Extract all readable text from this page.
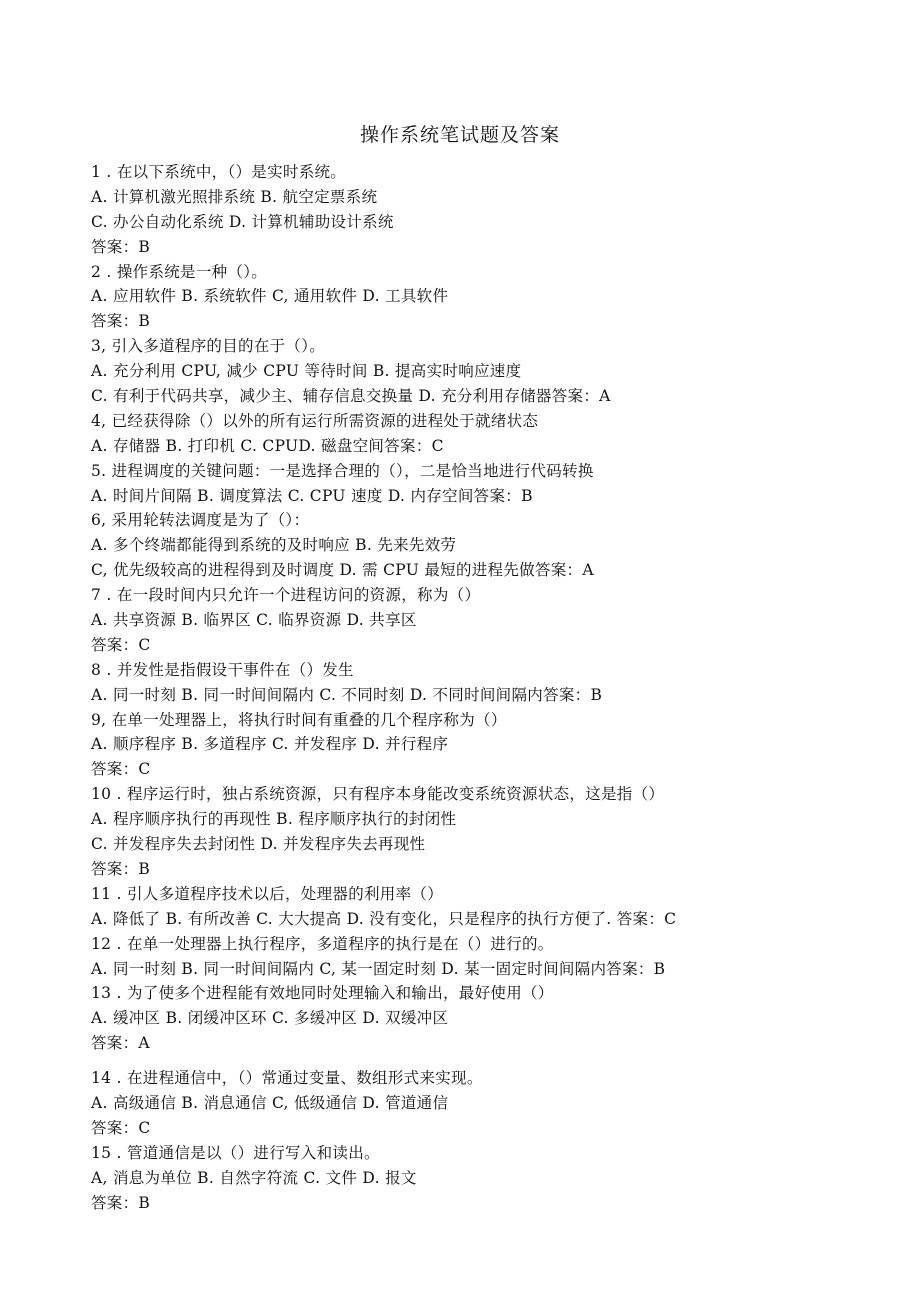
操作系统笔试题及答案
1 . 在以下系统中，（）是实时系统。
A. 计算机激光照排系统 B. 航空定票系统
C. 办公自动化系统 D. 计算机辅助设计系统
答案：B
2 . 操作系统是一种（）。
A. 应用软件 B. 系统软件 C, 通用软件 D. 工具软件
答案：B
3, 引入多道程序的目的在于（）。
A. 充分利用 CPU, 减少 CPU 等待时间 B. 提高实时响应速度
C. 有利于代码共享，减少主、辅存信息交换量 D. 充分利用存储器答案：A
4, 已经获得除（）以外的所有运行所需资源的进程处于就绪状态
A. 存储器 B. 打印机 C. CPUD. 磁盘空间答案：C
5. 进程调度的关键问题：一是选择合理的（），二是恰当地进行代码转换
A. 时间片间隔 B. 调度算法 C. CPU 速度 D. 内存空间答案：B
6, 采用轮转法调度是为了（）：
A. 多个终端都能得到系统的及时响应 B. 先来先效劳
C, 优先级较高的进程得到及时调度 D. 需 CPU 最短的进程先做答案：A
7 . 在一段时间内只允许一个进程访问的资源，称为（）
A. 共享资源 B. 临界区 C. 临界资源 D. 共享区
答案：C
8 . 并发性是指假设干事件在（）发生
A. 同一时刻 B. 同一时间间隔内 C. 不同时刻 D. 不同时间间隔内答案：B
9, 在单一处理器上，将执行时间有重叠的几个程序称为（）
A. 顺序程序 B. 多道程序 C. 并发程序 D. 并行程序
答案：C
10 . 程序运行时，独占系统资源，只有程序本身能改变系统资源状态，这是指（）
A. 程序顺序执行的再现性 B. 程序顺序执行的封闭性
C. 并发程序失去封闭性 D. 并发程序失去再现性
答案：B
11 . 引人多道程序技术以后，处理器的利用率（）
A. 降低了 B. 有所改善 C. 大大提高 D. 没有变化，只是程序的执行方便了. 答案：C
12 . 在单一处理器上执行程序，多道程序的执行是在（）进行的。
A. 同一时刻 B. 同一时间间隔内 C, 某一固定时刻 D. 某一固定时间间隔内答案：B
13 . 为了使多个进程能有效地同时处理输入和输出，最好使用（）
A. 缓冲区 B. 闭缓冲区环 C. 多缓冲区 D. 双缓冲区
答案：A
14 . 在进程通信中，（）常通过变量、数组形式来实现。
A. 高级通信 B. 消息通信 C, 低级通信 D. 管道通信
答案：C
15 . 管道通信是以（）进行写入和读出。
A, 消息为单位 B. 自然字符流 C. 文件 D. 报文
答案：B
